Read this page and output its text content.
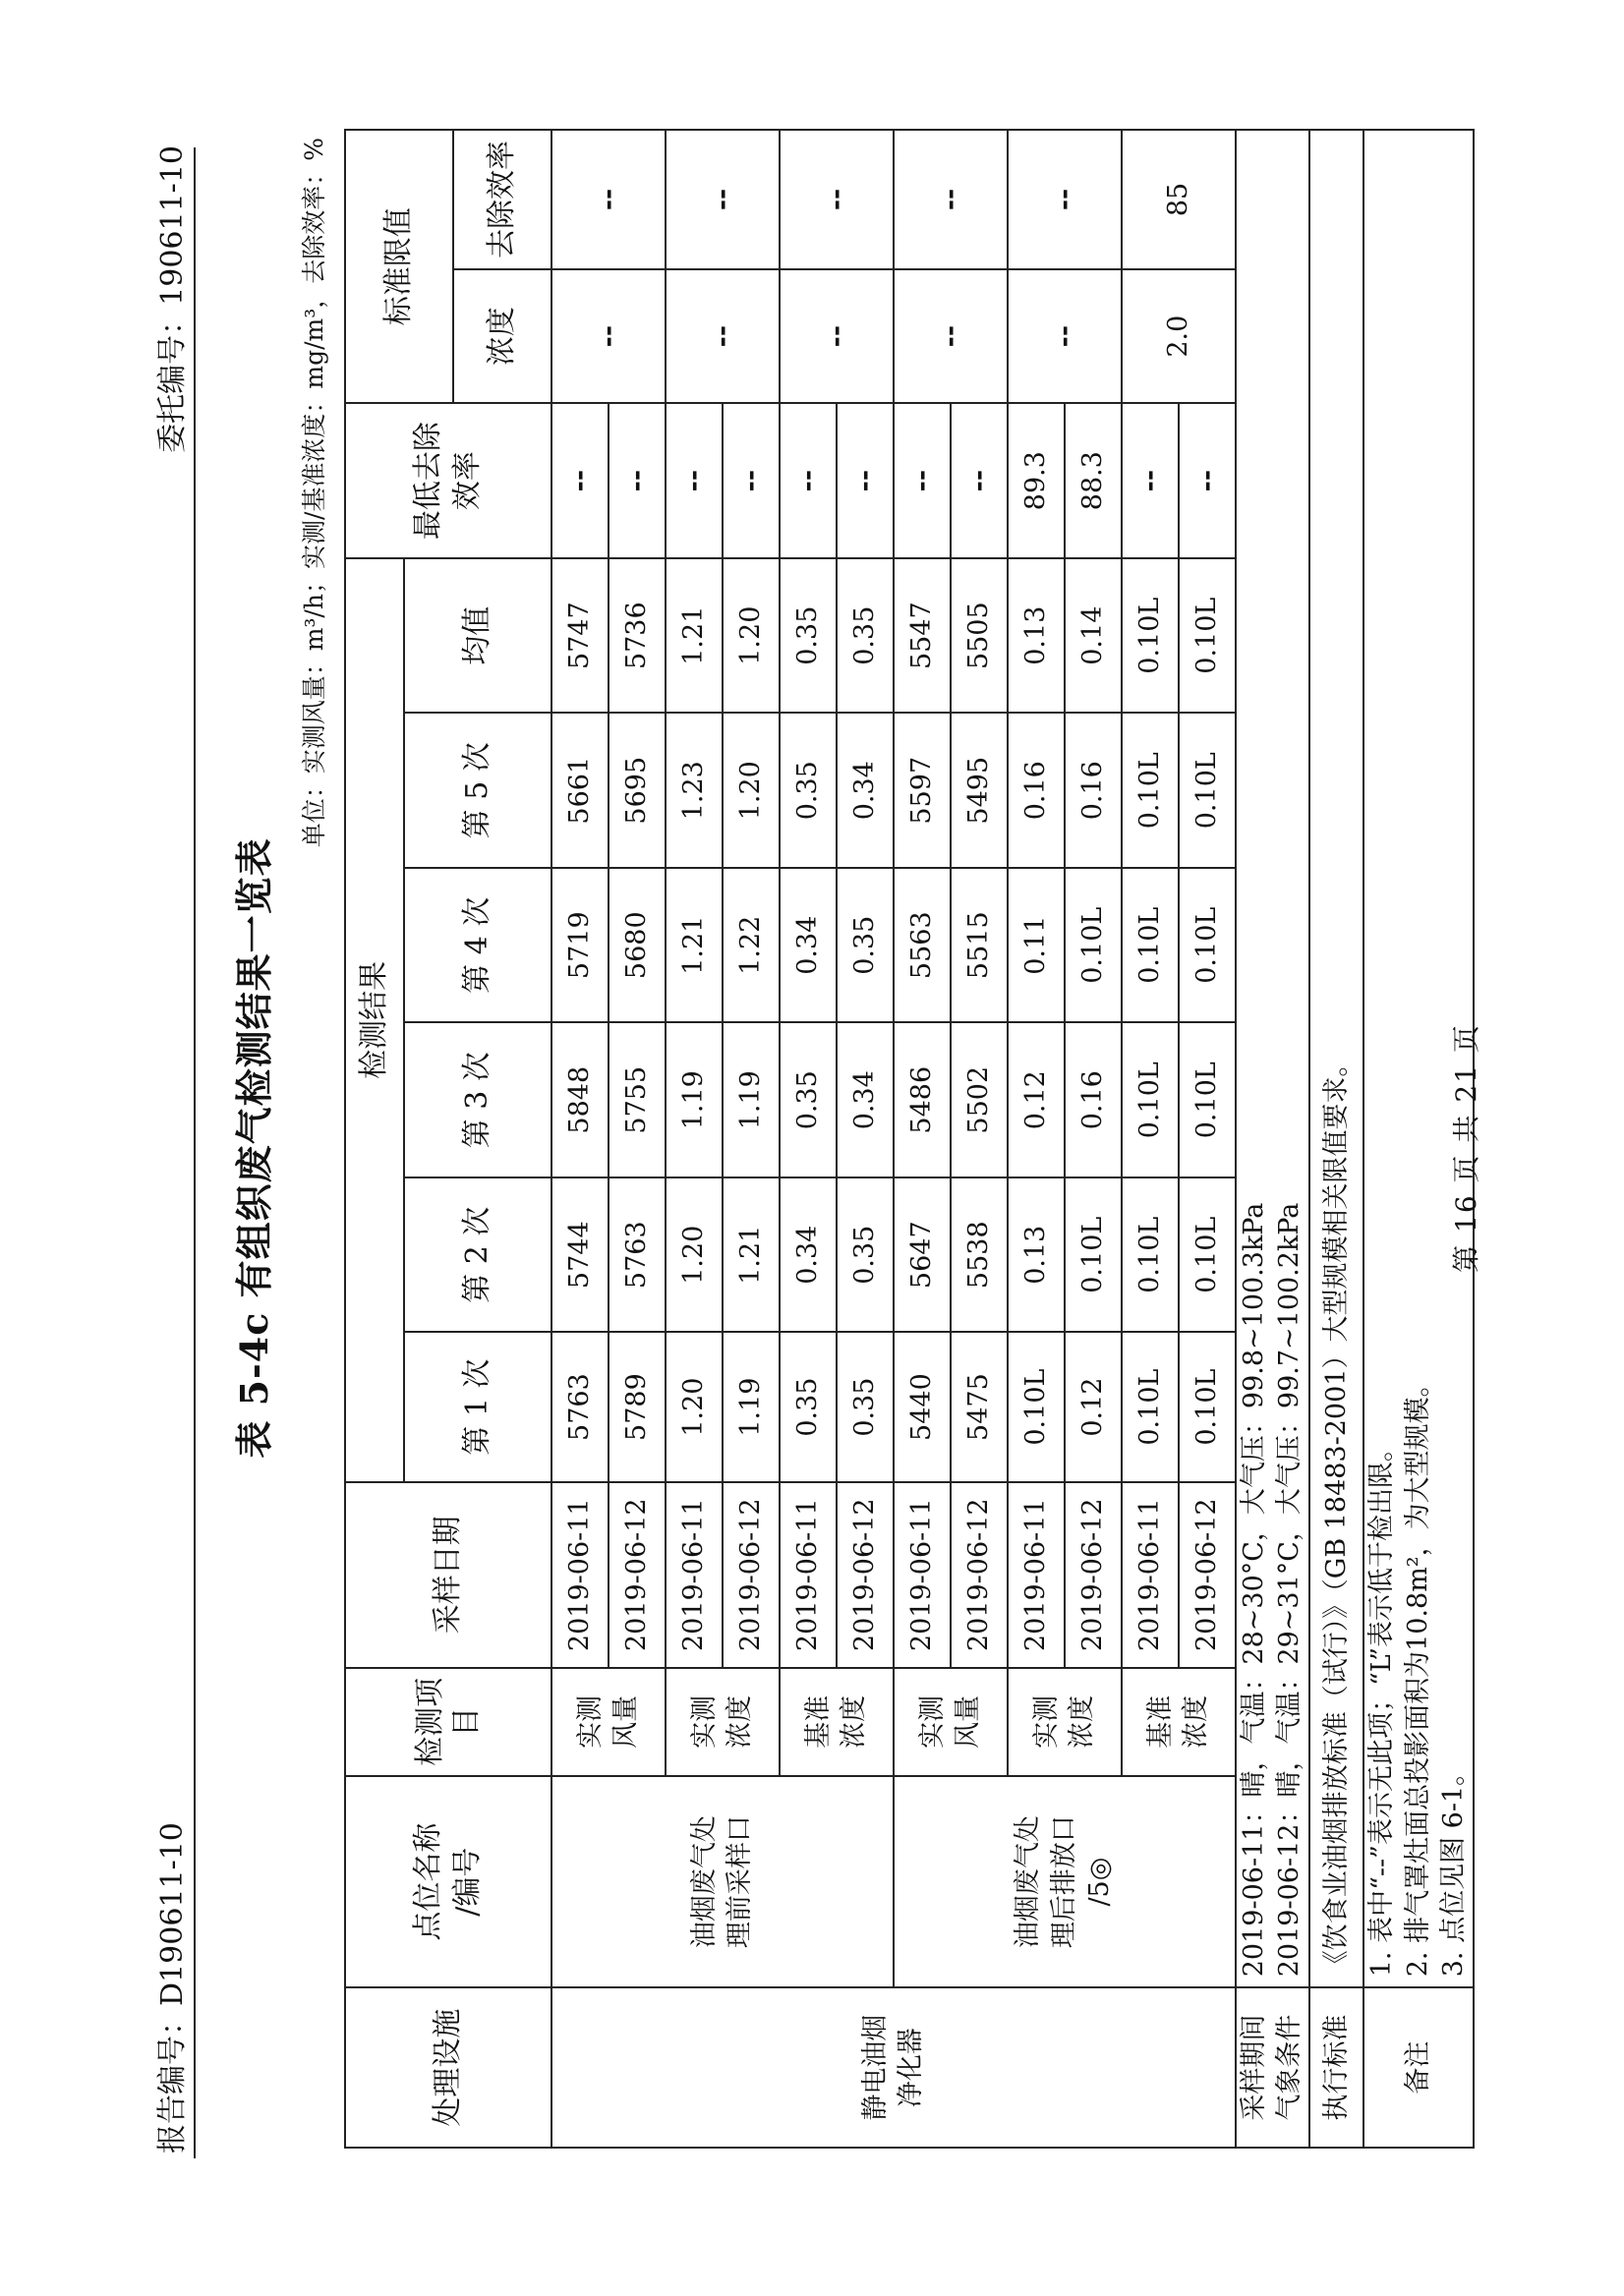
报告编号：D190611-10
委托编号：190611-10
表 5-4c 有组织废气检测结果一览表
单位：实测风量：m³/h；实测/基准浓度：mg/m³，去除效率：%
处理设施	点位名称 /编号	检测项目	采样日期	检测结果						最低去除 效率	标准限值	
				第 1 次	第 2 次	第 3 次	第 4 次	第 5 次	均值			
											浓度	去除效率
静电油烟 净化器	油烟废气处 理前采样口	实测 风量	2019-06-11	5763	5744	5848	5719	5661	5747	--	--	--
			2019-06-12	5789	5763	5755	5680	5695	5736	--		
		实测 浓度	2019-06-11	1.20	1.20	1.19	1.21	1.23	1.21	--	--	--
			2019-06-12	1.19	1.21	1.19	1.22	1.20	1.20	--		
		基准 浓度	2019-06-11	0.35	0.34	0.35	0.34	0.35	0.35	--	--	--
			2019-06-12	0.35	0.35	0.34	0.35	0.34	0.35	--		
	油烟废气处 理后排放口 /5◎	实测 风量	2019-06-11	5440	5647	5486	5563	5597	5547	--	--	--
			2019-06-12	5475	5538	5502	5515	5495	5505	--		
		实测 浓度	2019-06-11	0.10L	0.13	0.12	0.11	0.16	0.13	89.3	--	--
			2019-06-12	0.12	0.10L	0.16	0.10L	0.16	0.14	88.3		
		基准 浓度	2019-06-11	0.10L	0.10L	0.10L	0.10L	0.10L	0.10L	--	2.0	85
			2019-06-12	0.10L	0.10L	0.10L	0.10L	0.10L	0.10L	--		
采样期间 气象条件	2019-06-11：晴，气温：28~30°C，大气压：99.8~100.3kPa 2019-06-12：晴，气温：29~31°C，大气压：99.7~100.2kPa											
执行标准	《饮食业油烟排放标准（试行）》（GB 18483-2001）大型规模相关限值要求。											
备注	1. 表中“--”表示无此项；“L”表示低于检出限。 2. 排气罩灶面总投影面积为10.8m²，为大型规模。 3. 点位见图 6-1。											
第 16 页 共 21 页
